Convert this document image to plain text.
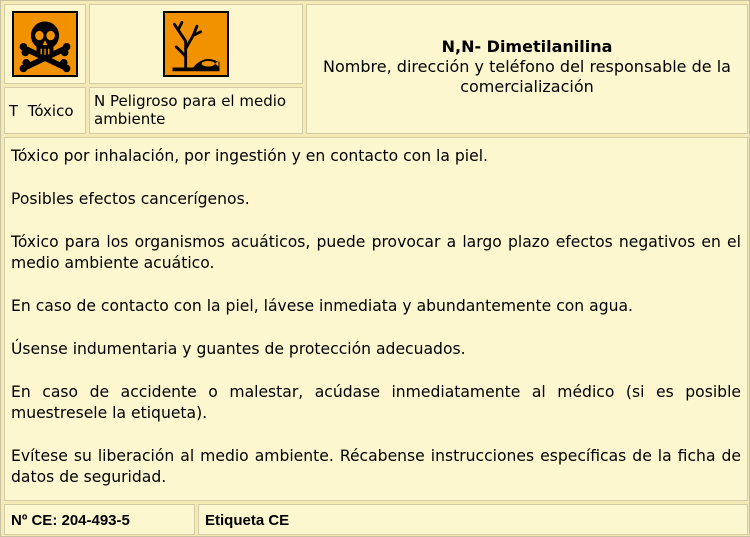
N,N- Dimetilanilina
Nombre, dirección y teléfono del responsable de la comercialización
T  Tóxico
N Peligroso para el medio ambiente

Tóxico por inhalación, por ingestión y en contacto con la piel.

Posibles efectos cancerígenos.

Tóxico para los organismos acuáticos, puede provocar a largo plazo efectos negativos en el medio ambiente acuático.

En caso de contacto con la piel, lávese inmediata y abundantemente con agua.

Úsense indumentaria y guantes de protección adecuados.

En caso de accidente o malestar, acúdase inmediatamente al médico (si es posible muestresele la etiqueta).

Evítese su liberación al medio ambiente. Récabense instrucciones específicas de la ficha de datos de seguridad.

Nº CE: 204-493-5	Etiqueta CE
